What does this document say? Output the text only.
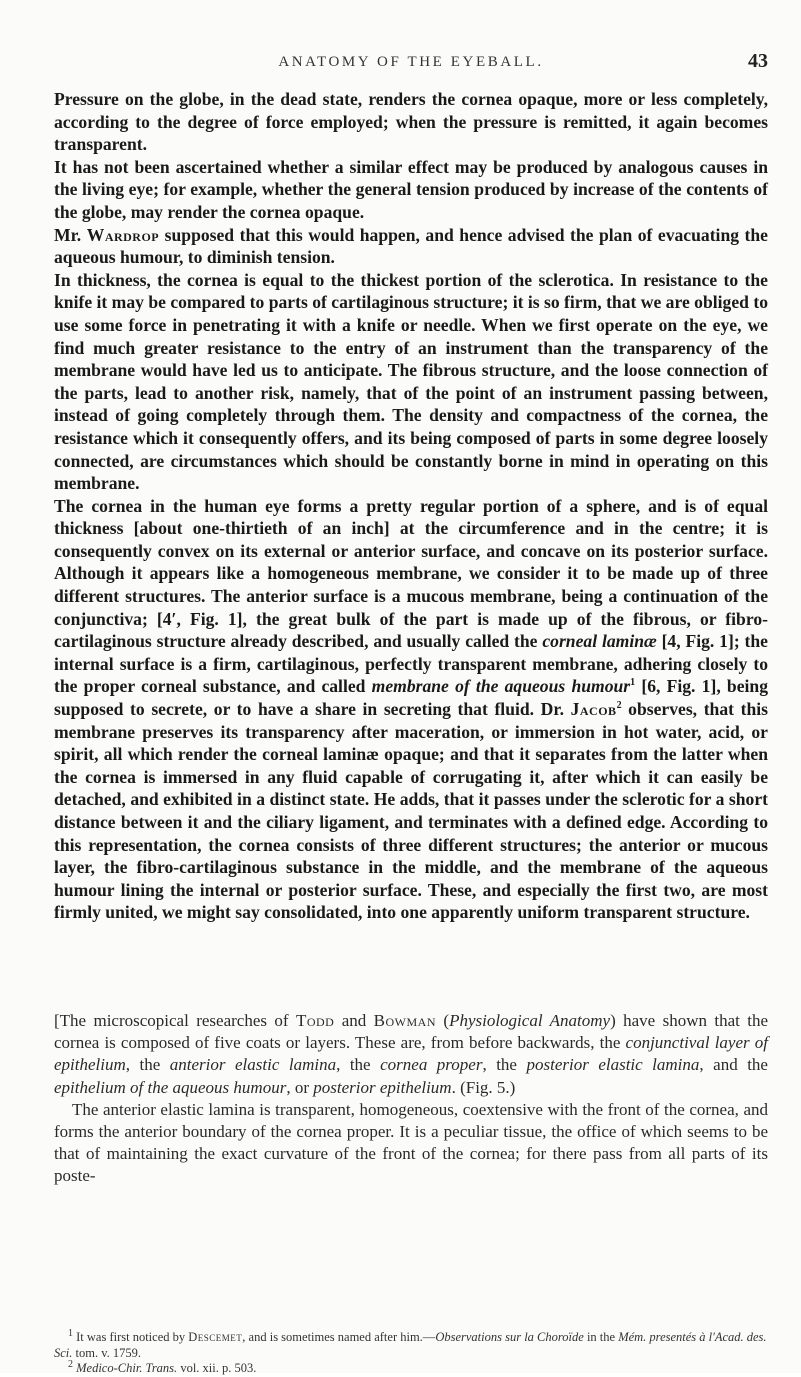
ANATOMY OF THE EYEBALL.	43

Pressure on the globe, in the dead state, renders the cornea opaque, more or less completely, according to the degree of force employed; when the pressure is remitted, it again becomes transparent.

It has not been ascertained whether a similar effect may be produced by analogous causes in the living eye; for example, whether the general tension produced by increase of the contents of the globe, may render the cornea opaque.

Mr. Wardrop supposed that this would happen, and hence advised the plan of evacuating the aqueous humour, to diminish tension.

In thickness, the cornea is equal to the thickest portion of the sclerotica. In resistance to the knife it may be compared to parts of cartilaginous structure; it is so firm, that we are obliged to use some force in penetrating it with a knife or needle. When we first operate on the eye, we find much greater resistance to the entry of an instrument than the transparency of the membrane would have led us to anticipate. The fibrous structure, and the loose connection of the parts, lead to another risk, namely, that of the point of an instrument passing between, instead of going completely through them. The density and compactness of the cornea, the resistance which it consequently offers, and its being composed of parts in some degree loosely connected, are circumstances which should be constantly borne in mind in operating on this membrane.

The cornea in the human eye forms a pretty regular portion of a sphere, and is of equal thickness [about one-thirtieth of an inch] at the circumference and in the centre; it is consequently convex on its external or anterior surface, and concave on its posterior surface. Although it appears like a homogeneous membrane, we consider it to be made up of three different structures. The anterior surface is a mucous membrane, being a continuation of the conjunctiva; [4′, Fig. 1], the great bulk of the part is made up of the fibrous, or fibro-cartilaginous structure already described, and usually called the corneal laminæ [4, Fig. 1]; the internal surface is a firm, cartilaginous, perfectly transparent membrane, adhering closely to the proper corneal substance, and called membrane of the aqueous humour$^1$ [6, Fig. 1], being supposed to secrete, or to have a share in secreting that fluid. Dr. Jacob$^2$ observes, that this membrane preserves its transparency after maceration, or immersion in hot water, acid, or spirit, all which render the corneal laminæ opaque; and that it separates from the latter when the cornea is immersed in any fluid capable of corrugating it, after which it can easily be detached, and exhibited in a distinct state. He adds, that it passes under the sclerotic for a short distance between it and the ciliary ligament, and terminates with a defined edge. According to this representation, the cornea consists of three different structures; the anterior or mucous layer, the fibro-cartilaginous substance in the middle, and the membrane of the aqueous humour lining the internal or posterior surface. These, and especially the first two, are most firmly united, we might say consolidated, into one apparently uniform transparent structure.

[The microscopical researches of Todd and Bowman (Physiological Anatomy) have shown that the cornea is composed of five coats or layers. These are, from before backwards, the conjunctival layer of epithelium, the anterior elastic lamina, the cornea proper, the posterior elastic lamina, and the epithelium of the aqueous humour, or posterior epithelium. (Fig. 5.)

The anterior elastic lamina is transparent, homogeneous, coextensive with the front of the cornea, and forms the anterior boundary of the cornea proper. It is a peculiar tissue, the office of which seems to be that of maintaining the exact curvature of the front of the cornea; for there pass from all parts of its poste-

$^1$ It was first noticed by Descemet, and is sometimes named after him.—Observations sur la Choroïde in the Mém. presentés à l'Acad. des. Sci. tom. v. 1759.

$^2$ Medico-Chir. Trans. vol. xii. p. 503.
